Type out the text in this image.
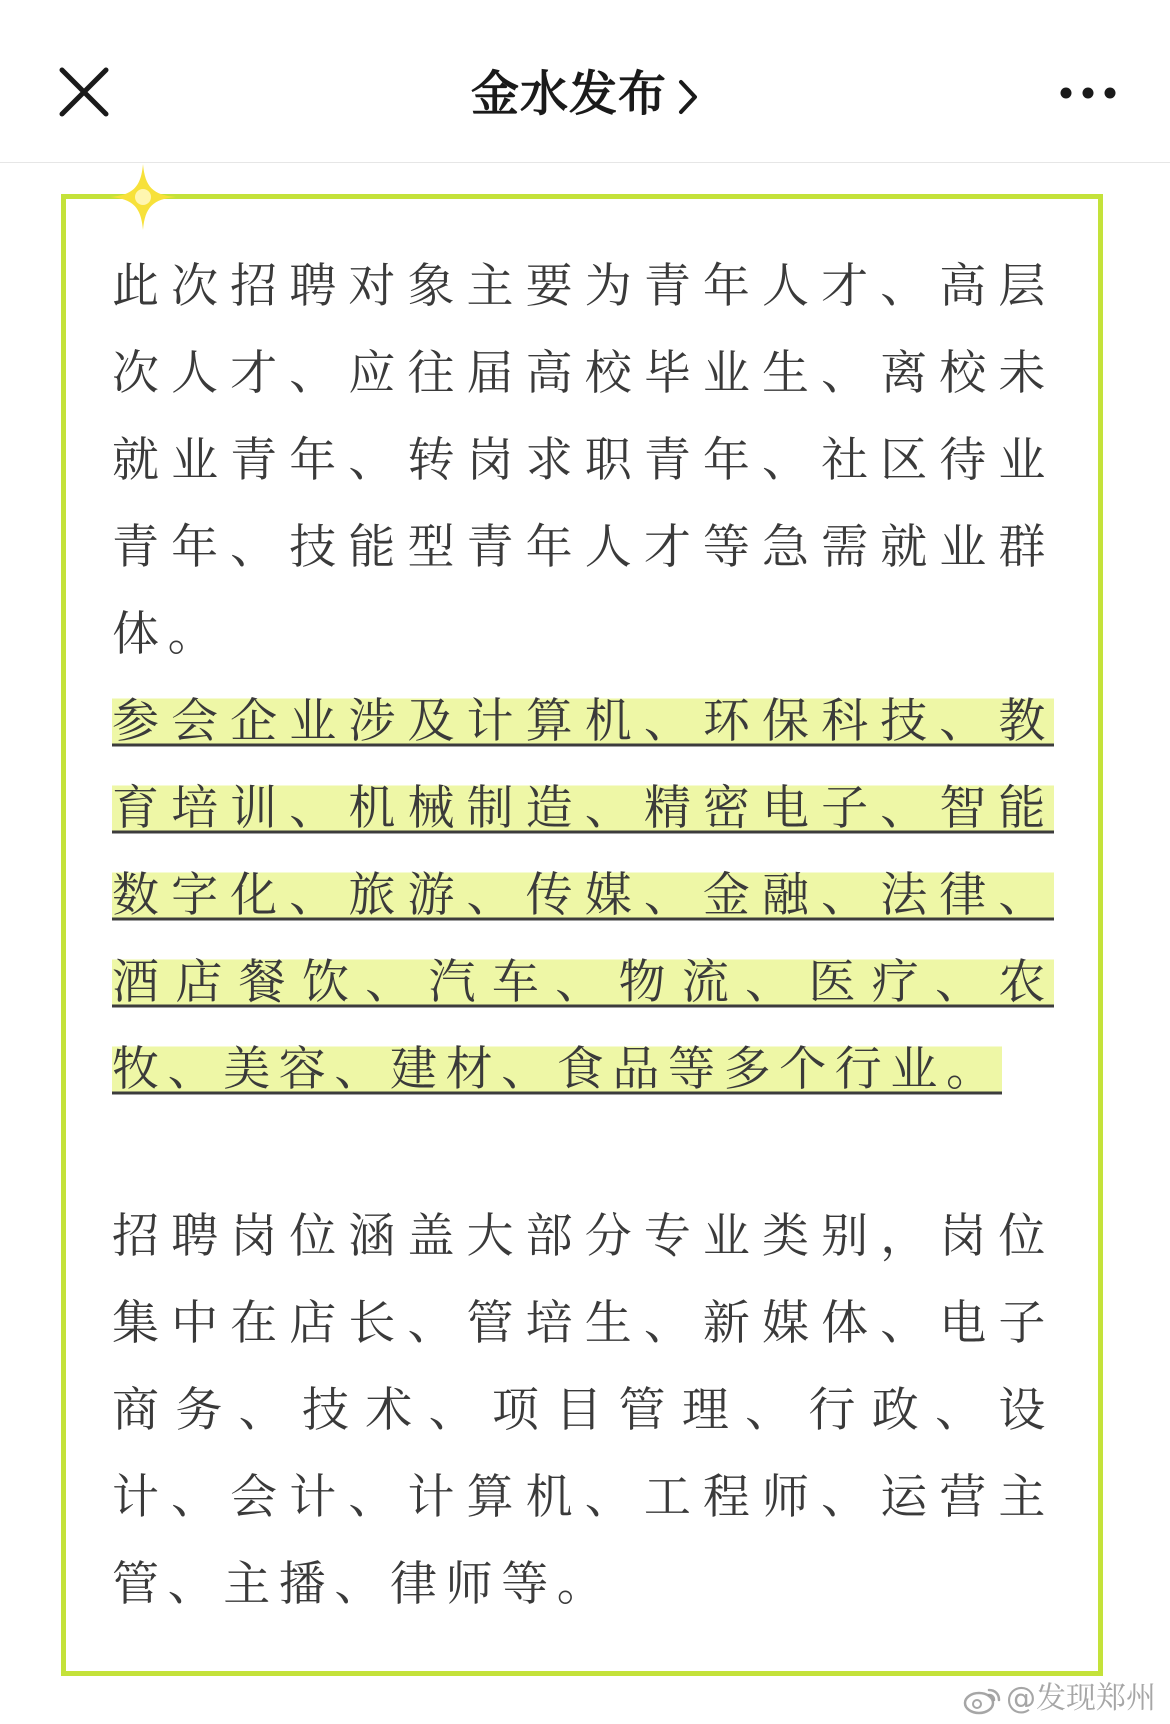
金水发布
此次招聘对象主要为青年人才、高层次人才、应往届高校毕业生、离校未就业青年、转岗求职青年、社区待业青年、技能型青年人才等急需就业群体。
参会企业涉及计算机、环保科技、教育培训、机械制造、精密电子、智能数字化、旅游、传媒、金融、法律、酒店餐饮、汽车、物流、医疗、农牧、美容、建材、食品等多个行业。
招聘岗位涵盖大部分专业类别，岗位集中在店长、管培生、新媒体、电子商务、技术、项目管理、行政、设计、会计、计算机、工程师、运营主管、主播、律师等。
@发现郑州
